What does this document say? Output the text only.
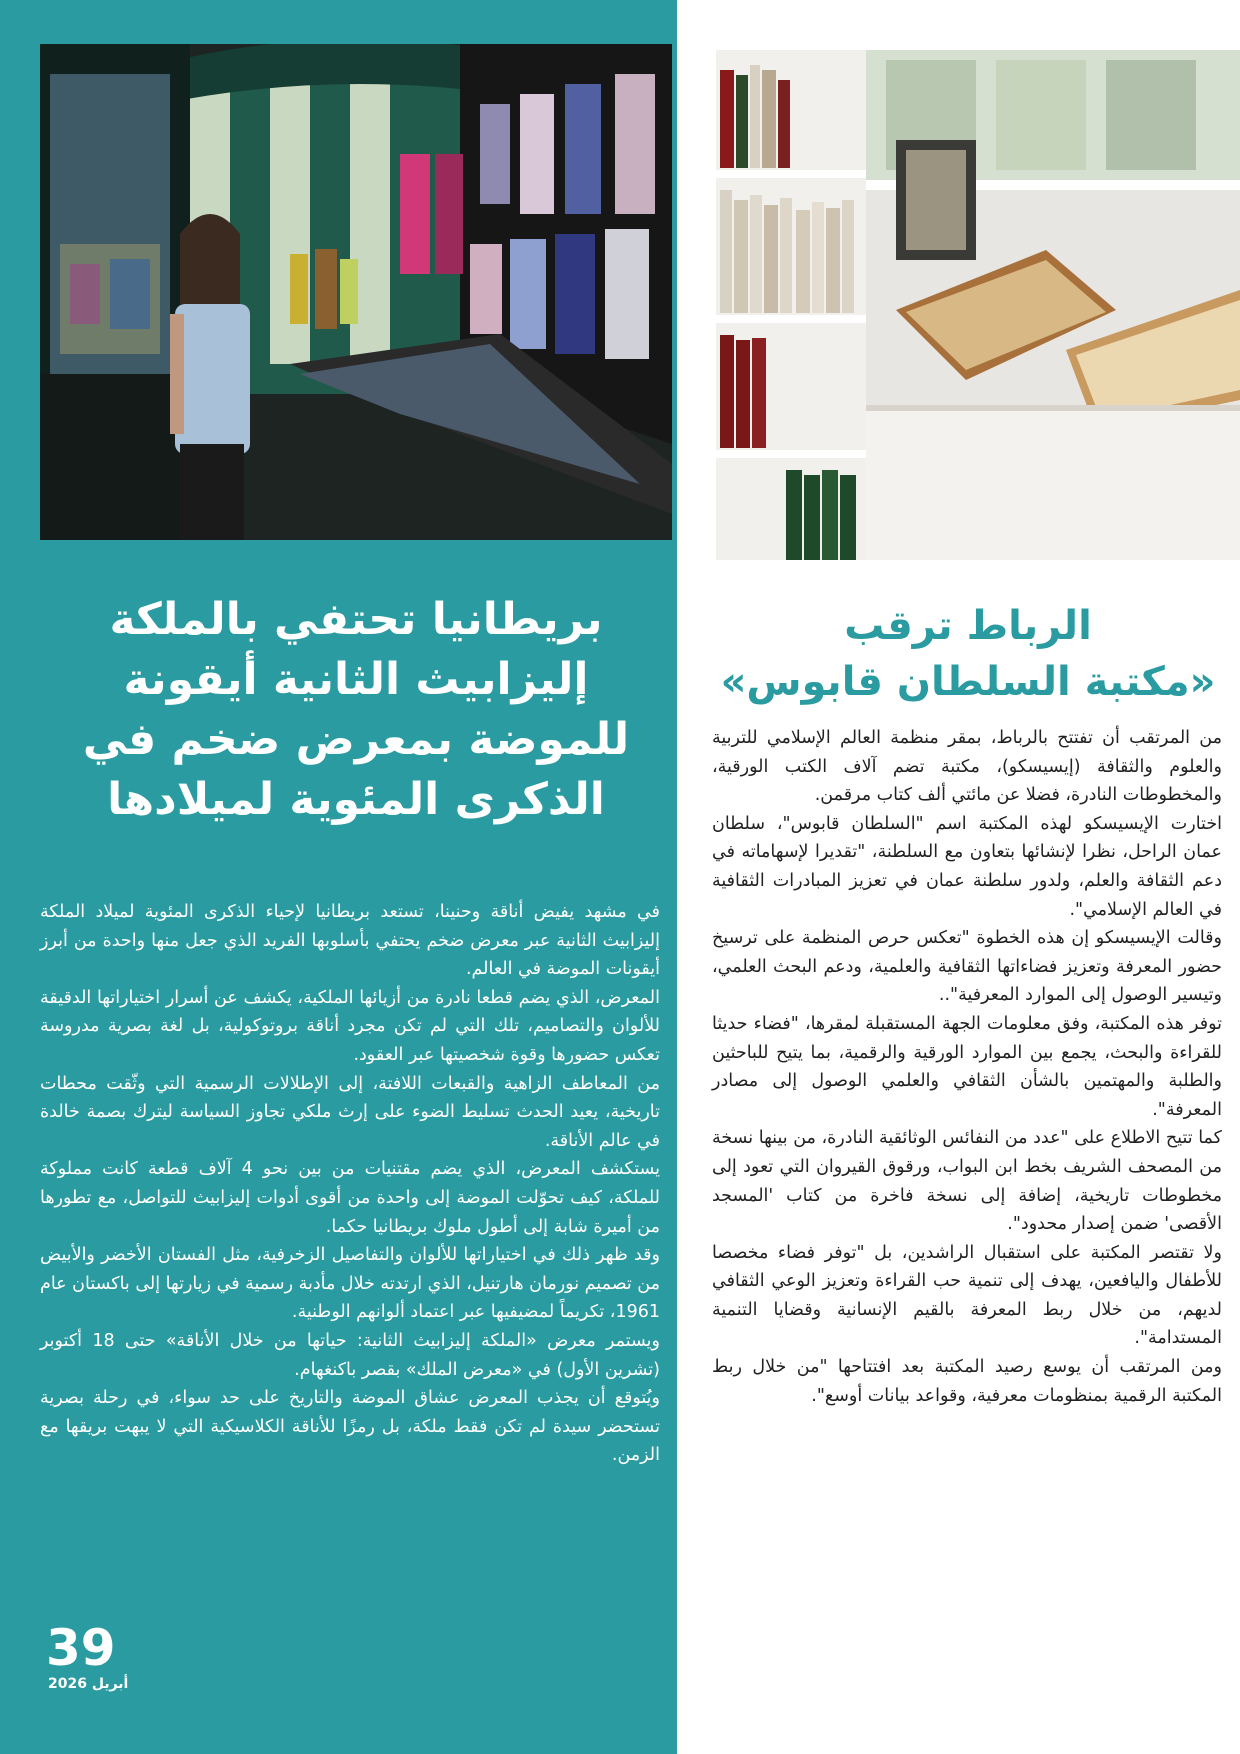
بريطانيا تحتفي بالملكة إليزابيث الثانية أيقونة للموضة بمعرض ضخم في الذكرى المئوية لميلادها

في مشهد يفيض أناقة وحنينا، تستعد بريطانيا لإحياء الذكرى المئوية لميلاد الملكة إليزابيث الثانية عبر معرض ضخم يحتفي بأسلوبها الفريد الذي جعل منها واحدة من أبرز أيقونات الموضة في العالم.

المعرض، الذي يضم قطعا نادرة من أزيائها الملكية، يكشف عن أسرار اختياراتها الدقيقة للألوان والتصاميم، تلك التي لم تكن مجرد أناقة بروتوكولية، بل لغة بصرية مدروسة تعكس حضورها وقوة شخصيتها عبر العقود.

من المعاطف الزاهية والقبعات اللافتة، إلى الإطلالات الرسمية التي وثّقت محطات تاريخية، يعيد الحدث تسليط الضوء على إرث ملكي تجاوز السياسة ليترك بصمة خالدة في عالم الأناقة.

يستكشف المعرض، الذي يضم مقتنيات من بين نحو 4 آلاف قطعة كانت مملوكة للملكة، كيف تحوّلت الموضة إلى واحدة من أقوى أدوات إليزابيث للتواصل، مع تطورها من أميرة شابة إلى أطول ملوك بريطانيا حكما.

وقد ظهر ذلك في اختياراتها للألوان والتفاصيل الزخرفية، مثل الفستان الأخضر والأبيض من تصميم نورمان هارتنيل، الذي ارتدته خلال مأدبة رسمية في زيارتها إلى باكستان عام 1961، تكريماً لمضيفيها عبر اعتماد ألوانهم الوطنية.

ويستمر معرض «الملكة إليزابيث الثانية: حياتها من خلال الأناقة» حتى 18 أكتوبر (تشرين الأول) في «معرض الملك» بقصر باكنغهام.

ويُتوقع أن يجذب المعرض عشاق الموضة والتاريخ على حد سواء، في رحلة بصرية تستحضر سيدة لم تكن فقط ملكة، بل رمزًا للأناقة الكلاسيكية التي لا يبهت بريقها مع الزمن.

الرباط ترقب
«مكتبة السلطان قابوس»

من المرتقب أن تفتتح بالرباط، بمقر منظمة العالم الإسلامي للتربية والعلوم والثقافة (إيسيسكو)، مكتبة تضم آلاف الكتب الورقية، والمخطوطات النادرة، فضلا عن مائتي ألف كتاب مرقمن.

اختارت الإيسيسكو لهذه المكتبة اسم "السلطان قابوس"، سلطان عمان الراحل، نظرا لإنشائها بتعاون مع السلطنة، "تقديرا لإسهاماته في دعم الثقافة والعلم، ولدور سلطنة عمان في تعزيز المبادرات الثقافية في العالم الإسلامي".

وقالت الإيسيسكو إن هذه الخطوة "تعكس حرص المنظمة على ترسيخ حضور المعرفة وتعزيز فضاءاتها الثقافية والعلمية، ودعم البحث العلمي، وتيسير الوصول إلى الموارد المعرفية"..

توفر هذه المكتبة، وفق معلومات الجهة المستقبلة لمقرها، "فضاء حديثا للقراءة والبحث، يجمع بين الموارد الورقية والرقمية، بما يتيح للباحثين والطلبة والمهتمين بالشأن الثقافي والعلمي الوصول إلى مصادر المعرفة".

كما تتيح الاطلاع على "عدد من النفائس الوثائقية النادرة، من بينها نسخة من المصحف الشريف بخط ابن البواب، ورقوق القيروان التي تعود إلى مخطوطات تاريخية، إضافة إلى نسخة فاخرة من كتاب 'المسجد الأقصى' ضمن إصدار محدود".

ولا تقتصر المكتبة على استقبال الراشدين، بل "توفر فضاء مخصصا للأطفال واليافعين، يهدف إلى تنمية حب القراءة وتعزيز الوعي الثقافي لديهم، من خلال ربط المعرفة بالقيم الإنسانية وقضايا التنمية المستدامة".

ومن المرتقب أن يوسع رصيد المكتبة بعد افتتاحها "من خلال ربط المكتبة الرقمية بمنظومات معرفية، وقواعد بيانات أوسع".

39
أبريل 2026
